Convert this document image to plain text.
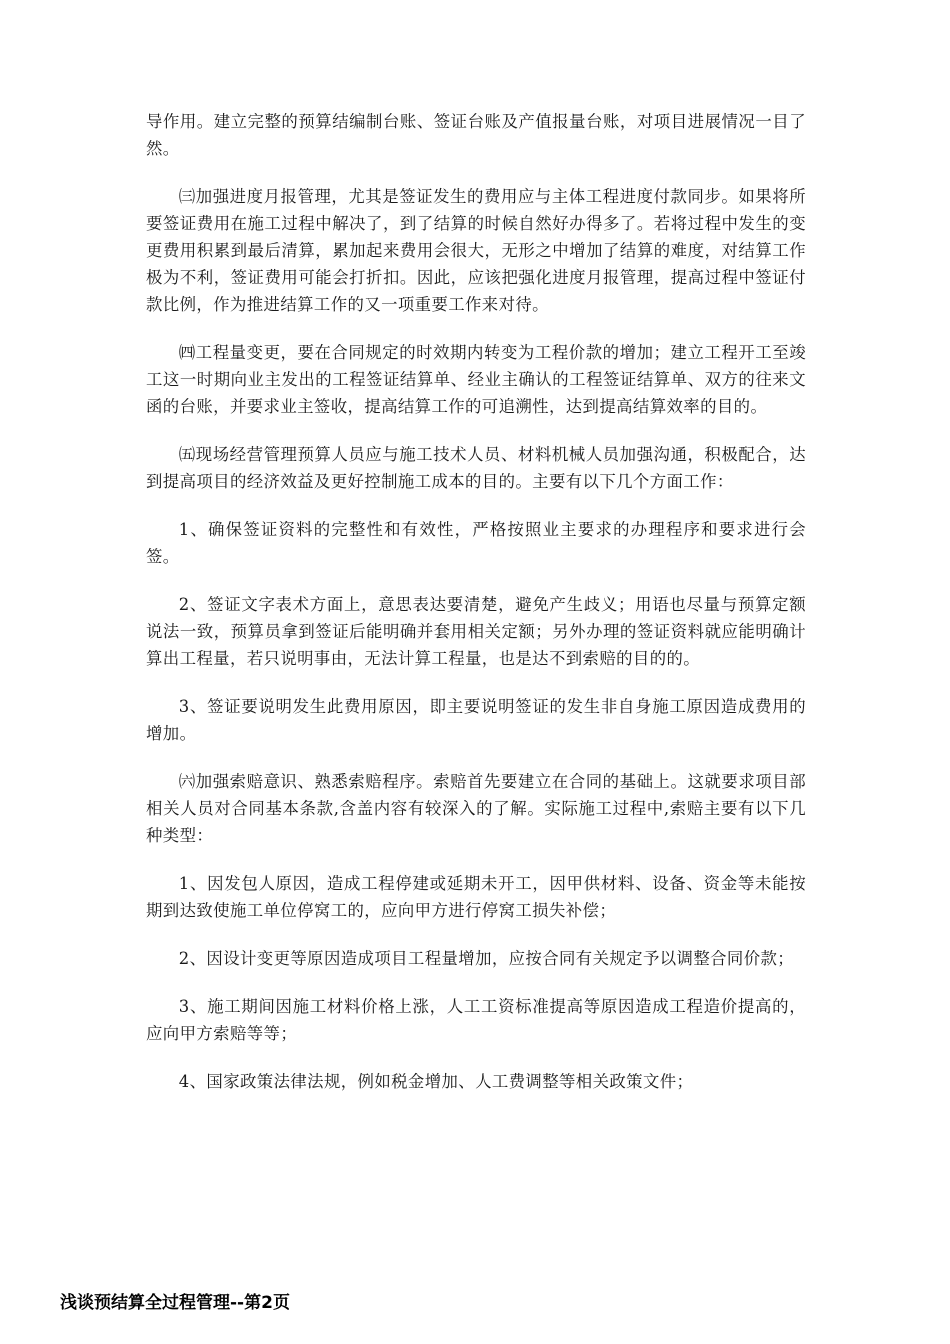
导作用。建立完整的预算结编制台账、签证台账及产值报量台账，对项目进展情况一目了然。

㈢加强进度月报管理，尤其是签证发生的费用应与主体工程进度付款同步。如果将所要签证费用在施工过程中解决了，到了结算的时候自然好办得多了。若将过程中发生的变更费用积累到最后清算，累加起来费用会很大，无形之中增加了结算的难度，对结算工作极为不利，签证费用可能会打折扣。因此，应该把强化进度月报管理，提高过程中签证付款比例，作为推进结算工作的又一项重要工作来对待。

㈣工程量变更，要在合同规定的时效期内转变为工程价款的增加；建立工程开工至竣工这一时期向业主发出的工程签证结算单、经业主确认的工程签证结算单、双方的往来文函的台账，并要求业主签收，提高结算工作的可追溯性，达到提高结算效率的目的。

㈤现场经营管理预算人员应与施工技术人员、材料机械人员加强沟通，积极配合，达到提高项目的经济效益及更好控制施工成本的目的。主要有以下几个方面工作：

1、确保签证资料的完整性和有效性，严格按照业主要求的办理程序和要求进行会签。

2、签证文字表术方面上，意思表达要清楚，避免产生歧义；用语也尽量与预算定额说法一致，预算员拿到签证后能明确并套用相关定额；另外办理的签证资料就应能明确计算出工程量，若只说明事由，无法计算工程量，也是达不到索赔的目的的。

3、签证要说明发生此费用原因，即主要说明签证的发生非自身施工原因造成费用的增加。

㈥加强索赔意识、熟悉索赔程序。索赔首先要建立在合同的基础上。这就要求项目部相关人员对合同基本条款,含盖内容有较深入的了解。实际施工过程中,索赔主要有以下几种类型：

1、因发包人原因，造成工程停建或延期未开工，因甲供材料、设备、资金等未能按期到达致使施工单位停窝工的，应向甲方进行停窝工损失补偿；

2、因设计变更等原因造成项目工程量增加，应按合同有关规定予以调整合同价款；

3、施工期间因施工材料价格上涨，人工工资标准提高等原因造成工程造价提高的，应向甲方索赔等等；

4、国家政策法律法规，例如税金增加、人工费调整等相关政策文件；

浅谈预结算全过程管理--第2页
